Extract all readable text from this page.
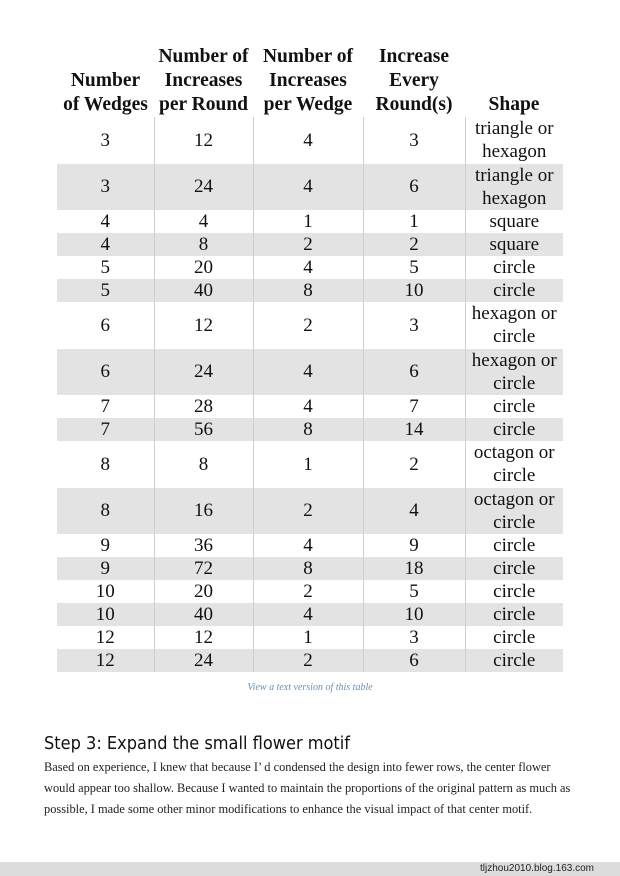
Number
of Wedges	Number of
Increases
per Round	Number of
Increases
per Wedge	Increase
Every
Round(s)	Shape
3	12	4	3	triangle or
hexagon
3	24	4	6	triangle or
hexagon
4	4	1	1	square
4	8	2	2	square
5	20	4	5	circle
5	40	8	10	circle
6	12	2	3	hexagon or
circle
6	24	4	6	hexagon or
circle
7	28	4	7	circle
7	56	8	14	circle
8	8	1	2	octagon or
circle
8	16	2	4	octagon or
circle
9	36	4	9	circle
9	72	8	18	circle
10	20	2	5	circle
10	40	4	10	circle
12	12	1	3	circle
12	24	2	6	circle
View a text version of this table
Step 3: Expand the small flower motif
Based on experience, I knew that because I’ d condensed the design into fewer rows, the center flower would appear too shallow. Because I wanted to maintain the proportions of the original pattern as much as possible, I made some other minor modifications to enhance the visual impact of that center motif.
tljzhou2010.blog.163.com
